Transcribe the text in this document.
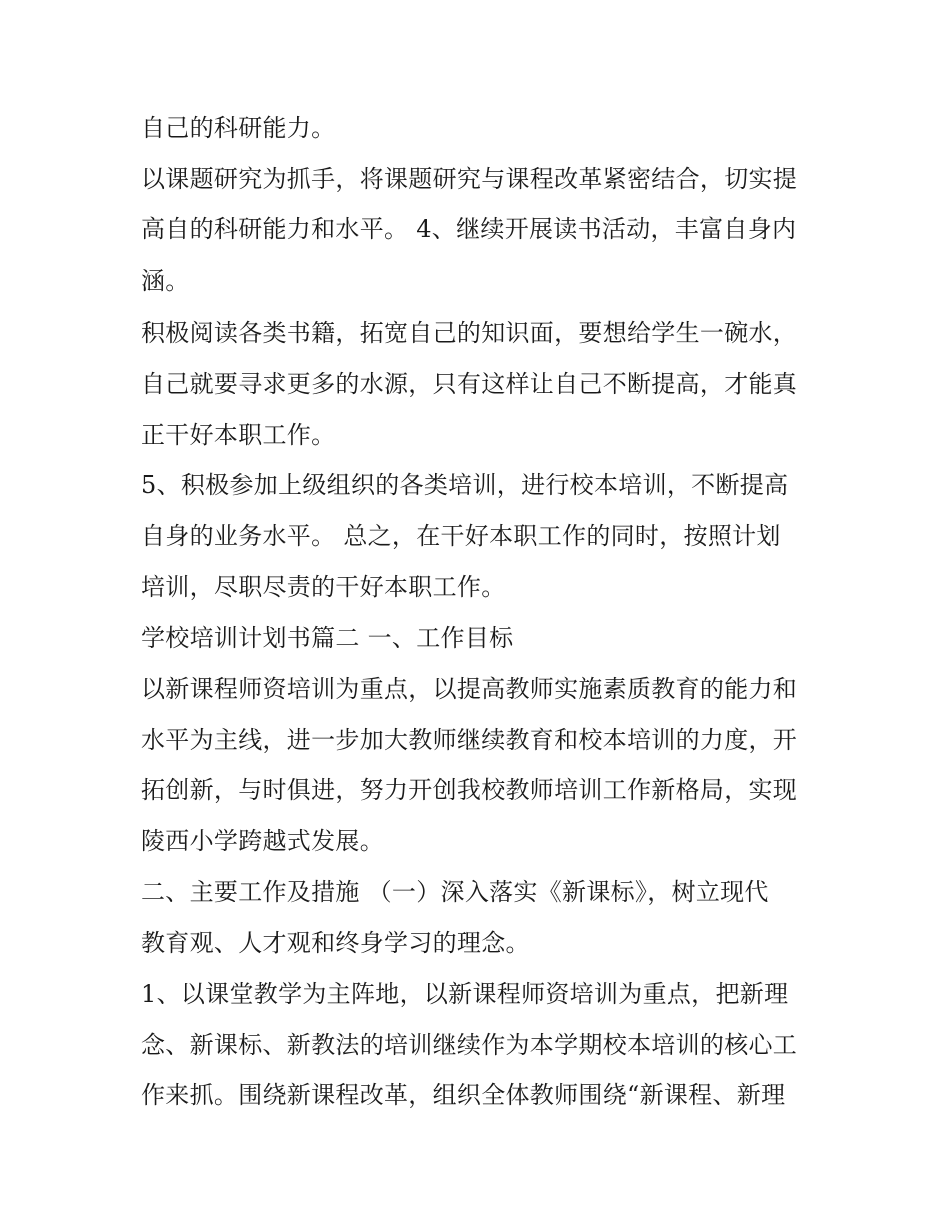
自己的科研能力。
以课题研究为抓手，将课题研究与课程改革紧密结合，切实提
高自的科研能力和水平。 4、继续开展读书活动，丰富自身内
涵。
积极阅读各类书籍，拓宽自己的知识面，要想给学生一碗水，
自己就要寻求更多的水源，只有这样让自己不断提高，才能真
正干好本职工作。
5、积极参加上级组织的各类培训，进行校本培训，不断提高
自身的业务水平。 总之，在干好本职工作的同时，按照计划
培训，尽职尽责的干好本职工作。
学校培训计划书篇二 一、工作目标
以新课程师资培训为重点，以提高教师实施素质教育的能力和
水平为主线，进一步加大教师继续教育和校本培训的力度，开
拓创新，与时俱进，努力开创我校教师培训工作新格局，实现
陵西小学跨越式发展。
二、主要工作及措施 （一）深入落实《新课标》，树立现代
教育观、人才观和终身学习的理念。
1、以课堂教学为主阵地，以新课程师资培训为重点，把新理
念、新课标、新教法的培训继续作为本学期校本培训的核心工
作来抓。围绕新课程改革，组织全体教师围绕“新课程、新理
